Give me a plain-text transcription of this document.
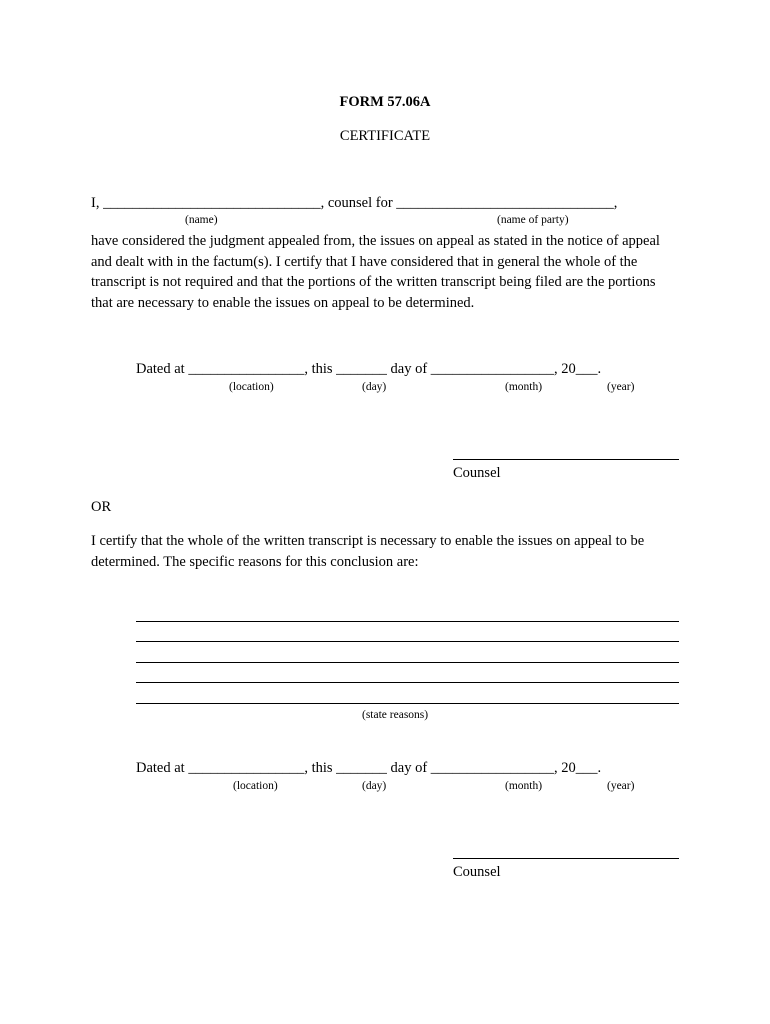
FORM 57.06A
CERTIFICATE
I, ______________________________, counsel for ______________________________,
(name)	(name of party)
have considered the judgment appealed from, the issues on appeal as stated in the notice of appeal and dealt with in the factum(s). I certify that I have considered that in general the whole of the transcript is not required and that the portions of the written transcript being filed are the portions that are necessary to enable the issues on appeal to be determined.
Dated at ________________, this _______ day of _________________, 20___.
(location)	(day)	(month)	(year)
Counsel
OR
I certify that the whole of the written transcript is necessary to enable the issues on appeal to be determined. The specific reasons for this conclusion are:
(state reasons)
Dated at ________________, this _______ day of _________________, 20___.
(location)	(day)	(month)	(year)
Counsel
